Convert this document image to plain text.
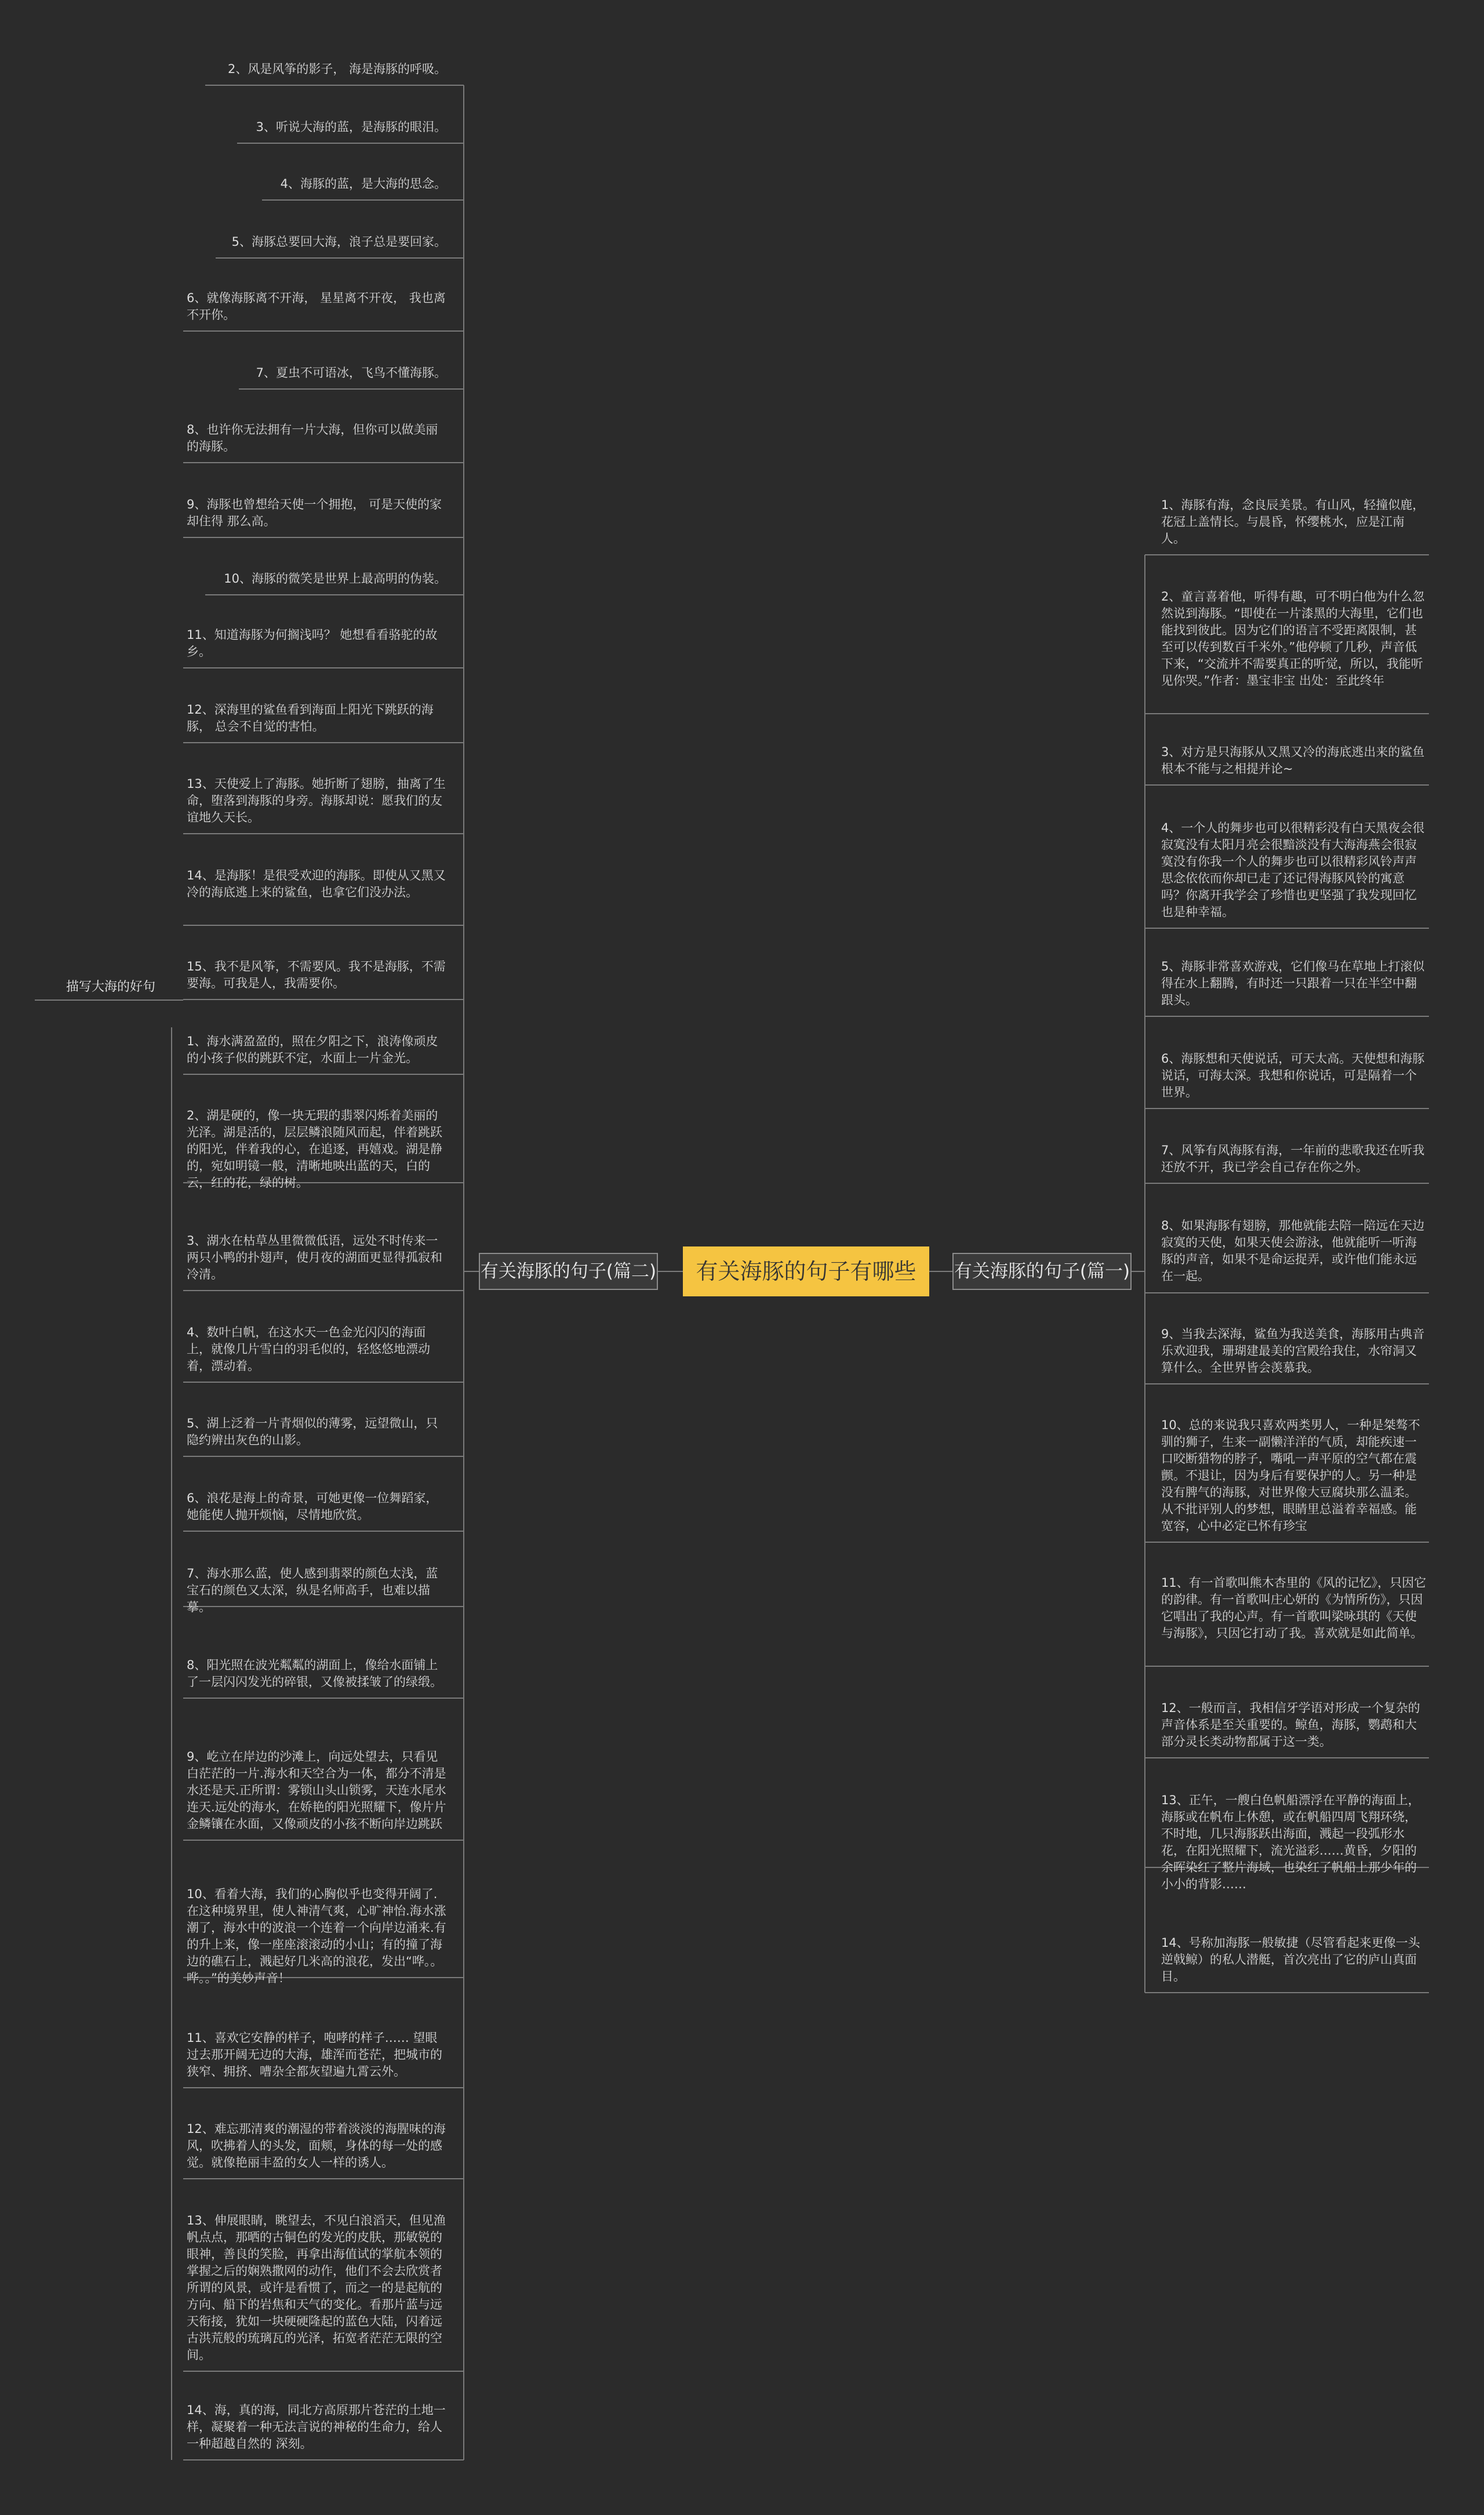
有关海豚的句子有哪些
有关海豚的句子(篇二)	有关海豚的句子(篇一)
描写大海的好句
2、风是风筝的影子， 海是海豚的呼吸。
3、听说大海的蓝，是海豚的眼泪。
4、海豚的蓝，是大海的思念。
5、海豚总要回大海，浪子总是要回家。
6、就像海豚离不开海， 星星离不开夜， 我也离不开你。
7、夏虫不可语冰，飞鸟不懂海豚。
8、也许你无法拥有一片大海，但你可以做美丽的海豚。
9、海豚也曾想给天使一个拥抱， 可是天使的家却住得 那么高。
10、海豚的微笑是世界上最高明的伪装。
11、知道海豚为何搁浅吗？ 她想看看骆驼的故乡。
12、深海里的鲨鱼看到海面上阳光下跳跃的海豚， 总会不自觉的害怕。
13、天使爱上了海豚。她折断了翅膀，抽离了生命，堕落到海豚的身旁。海豚却说：愿我们的友谊地久天长。
14、是海豚！是很受欢迎的海豚。即使从又黑又冷的海底逃上来的鲨鱼，也拿它们没办法。
15、我不是风筝，不需要风。我不是海豚，不需要海。可我是人，我需要你。
1、海水满盈盈的，照在夕阳之下，浪涛像顽皮的小孩子似的跳跃不定，水面上一片金光。
2、湖是硬的，像一块无瑕的翡翠闪烁着美丽的光泽。湖是活的，层层鳞浪随风而起，伴着跳跃的阳光，伴着我的心，在追逐，再嬉戏。湖是静的，宛如明镜一般，清晰地映出蓝的天，白的云，红的花，绿的树。
3、湖水在枯草丛里微微低语，远处不时传来一两只小鸭的扑翅声，使月夜的湖面更显得孤寂和冷清。
4、数叶白帆，在这水天一色金光闪闪的海面上，就像几片雪白的羽毛似的，轻悠悠地漂动着，漂动着。
5、湖上泛着一片青烟似的薄雾，远望微山，只隐约辨出灰色的山影。
6、浪花是海上的奇景，可她更像一位舞蹈家，她能使人抛开烦恼，尽情地欣赏。
7、海水那么蓝，使人感到翡翠的颜色太浅，蓝宝石的颜色又太深，纵是名师高手，也难以描摹。
8、阳光照在波光粼粼的湖面上，像给水面铺上了一层闪闪发光的碎银，又像被揉皱了的绿缎。
9、屹立在岸边的沙滩上，向远处望去，只看见白茫茫的一片.海水和天空合为一体，都分不清是水还是天.正所谓：雾锁山头山锁雾，天连水尾水连天.远处的海水，在娇艳的阳光照耀下，像片片金鳞镶在水面，又像顽皮的小孩不断向岸边跳跃
10、看着大海，我们的心胸似乎也变得开阔了.在这种境界里，使人神清气爽，心旷神怡.海水涨潮了，海水中的波浪一个连着一个向岸边涌来.有的升上来，像一座座滚滚动的小山；有的撞了海边的礁石上，溅起好几米高的浪花，发出“哗。。哗。。”的美妙声音！
11、喜欢它安静的样子，咆哮的样子…… 望眼过去那开阔无边的大海，雄浑而苍茫，把城市的狭窄、拥挤、嘈杂全都灰望遍九霄云外。
12、难忘那清爽的潮湿的带着淡淡的海腥味的海风，吹拂着人的头发，面颊，身体的每一处的感觉。就像艳丽丰盈的女人一样的诱人。
13、伸展眼睛，眺望去，不见白浪滔天，但见渔帆点点，那晒的古铜色的发光的皮肤，那敏锐的眼神，善良的笑脸，再拿出海值试的掌航本领的掌握之后的娴熟撒网的动作，他们不会去欣赏者所谓的风景，或许是看惯了，而之一的是起航的方向、船下的岩焦和天气的变化。看那片蓝与远天衔接，犹如一块硬硬隆起的蓝色大陆，闪着远古洪荒般的琉璃瓦的光泽，拓宽者茫茫无限的空间。
14、海，真的海，同北方高原那片苍茫的土地一样，凝聚着一种无法言说的神秘的生命力，给人一种超越自然的 深刻。
1、海豚有海，念良辰美景。有山风，轻撞似鹿，花冠上盖情长。与晨昏，怀缨桃水，应是江南人。
2、童言喜着他，听得有趣，可不明白他为什么忽然说到海豚。“即使在一片漆黑的大海里，它们也能找到彼此。因为它们的语言不受距离限制，甚至可以传到数百千米外。”他停顿了几秒，声音低下来，“交流并不需要真正的听觉，所以，我能听见你哭。”作者：墨宝非宝 出处：至此终年
3、对方是只海豚从又黑又冷的海底逃出来的鲨鱼根本不能与之相提并论~
4、一个人的舞步也可以很精彩没有白天黑夜会很寂寞没有太阳月亮会很黯淡没有大海海燕会很寂寞没有你我一个人的舞步也可以很精彩风铃声声思念依依而你却已走了还记得海豚风铃的寓意吗？你离开我学会了珍惜也更坚强了我发现回忆也是种幸福。
5、海豚非常喜欢游戏，它们像马在草地上打滚似得在水上翻腾，有时还一只跟着一只在半空中翻跟头。
6、海豚想和天使说话，可天太高。天使想和海豚说话，可海太深。我想和你说话，可是隔着一个世界。
7、风筝有风海豚有海，一年前的悲歌我还在听我还放不开，我已学会自己存在你之外。
8、如果海豚有翅膀，那他就能去陪一陪远在天边寂寞的天使，如果天使会游泳，他就能听一听海豚的声音，如果不是命运捉弄，或许他们能永远在一起。
9、当我去深海，鲨鱼为我送美食，海豚用古典音乐欢迎我，珊瑚建最美的宫殿给我住，水帘洞又算什么。全世界皆会羡慕我。
10、总的来说我只喜欢两类男人，一种是桀骜不驯的狮子，生来一副懒洋洋的气质，却能疾速一口咬断猎物的脖子，嘴吼一声平原的空气都在震颤。不退让，因为身后有要保护的人。另一种是没有脾气的海豚，对世界像大豆腐块那么温柔。从不批评别人的梦想，眼睛里总溢着幸福感。能宽容，心中必定已怀有珍宝
11、有一首歌叫熊木杏里的《风的记忆》，只因它的韵律。有一首歌叫庄心妍的《为情所伤》，只因它唱出了我的心声。有一首歌叫梁咏琪的《天使与海豚》，只因它打动了我。喜欢就是如此简单。
12、一般而言，我相信牙学语对形成一个复杂的声音体系是至关重要的。鲸鱼，海豚，鹦鹉和大部分灵长类动物都属于这一类。
13、正午，一艘白色帆船漂浮在平静的海面上，海豚或在帆布上休憩，或在帆船四周飞翔环绕，不时地，几只海豚跃出海面，溅起一段弧形水花，在阳光照耀下，流光溢彩……黄昏，夕阳的余晖染红了整片海域，也染红了帆船上那少年的小小的背影……
14、号称加海豚一般敏捷（尽管看起来更像一头逆戟鲸）的私人潜艇，首次亮出了它的庐山真面目。
